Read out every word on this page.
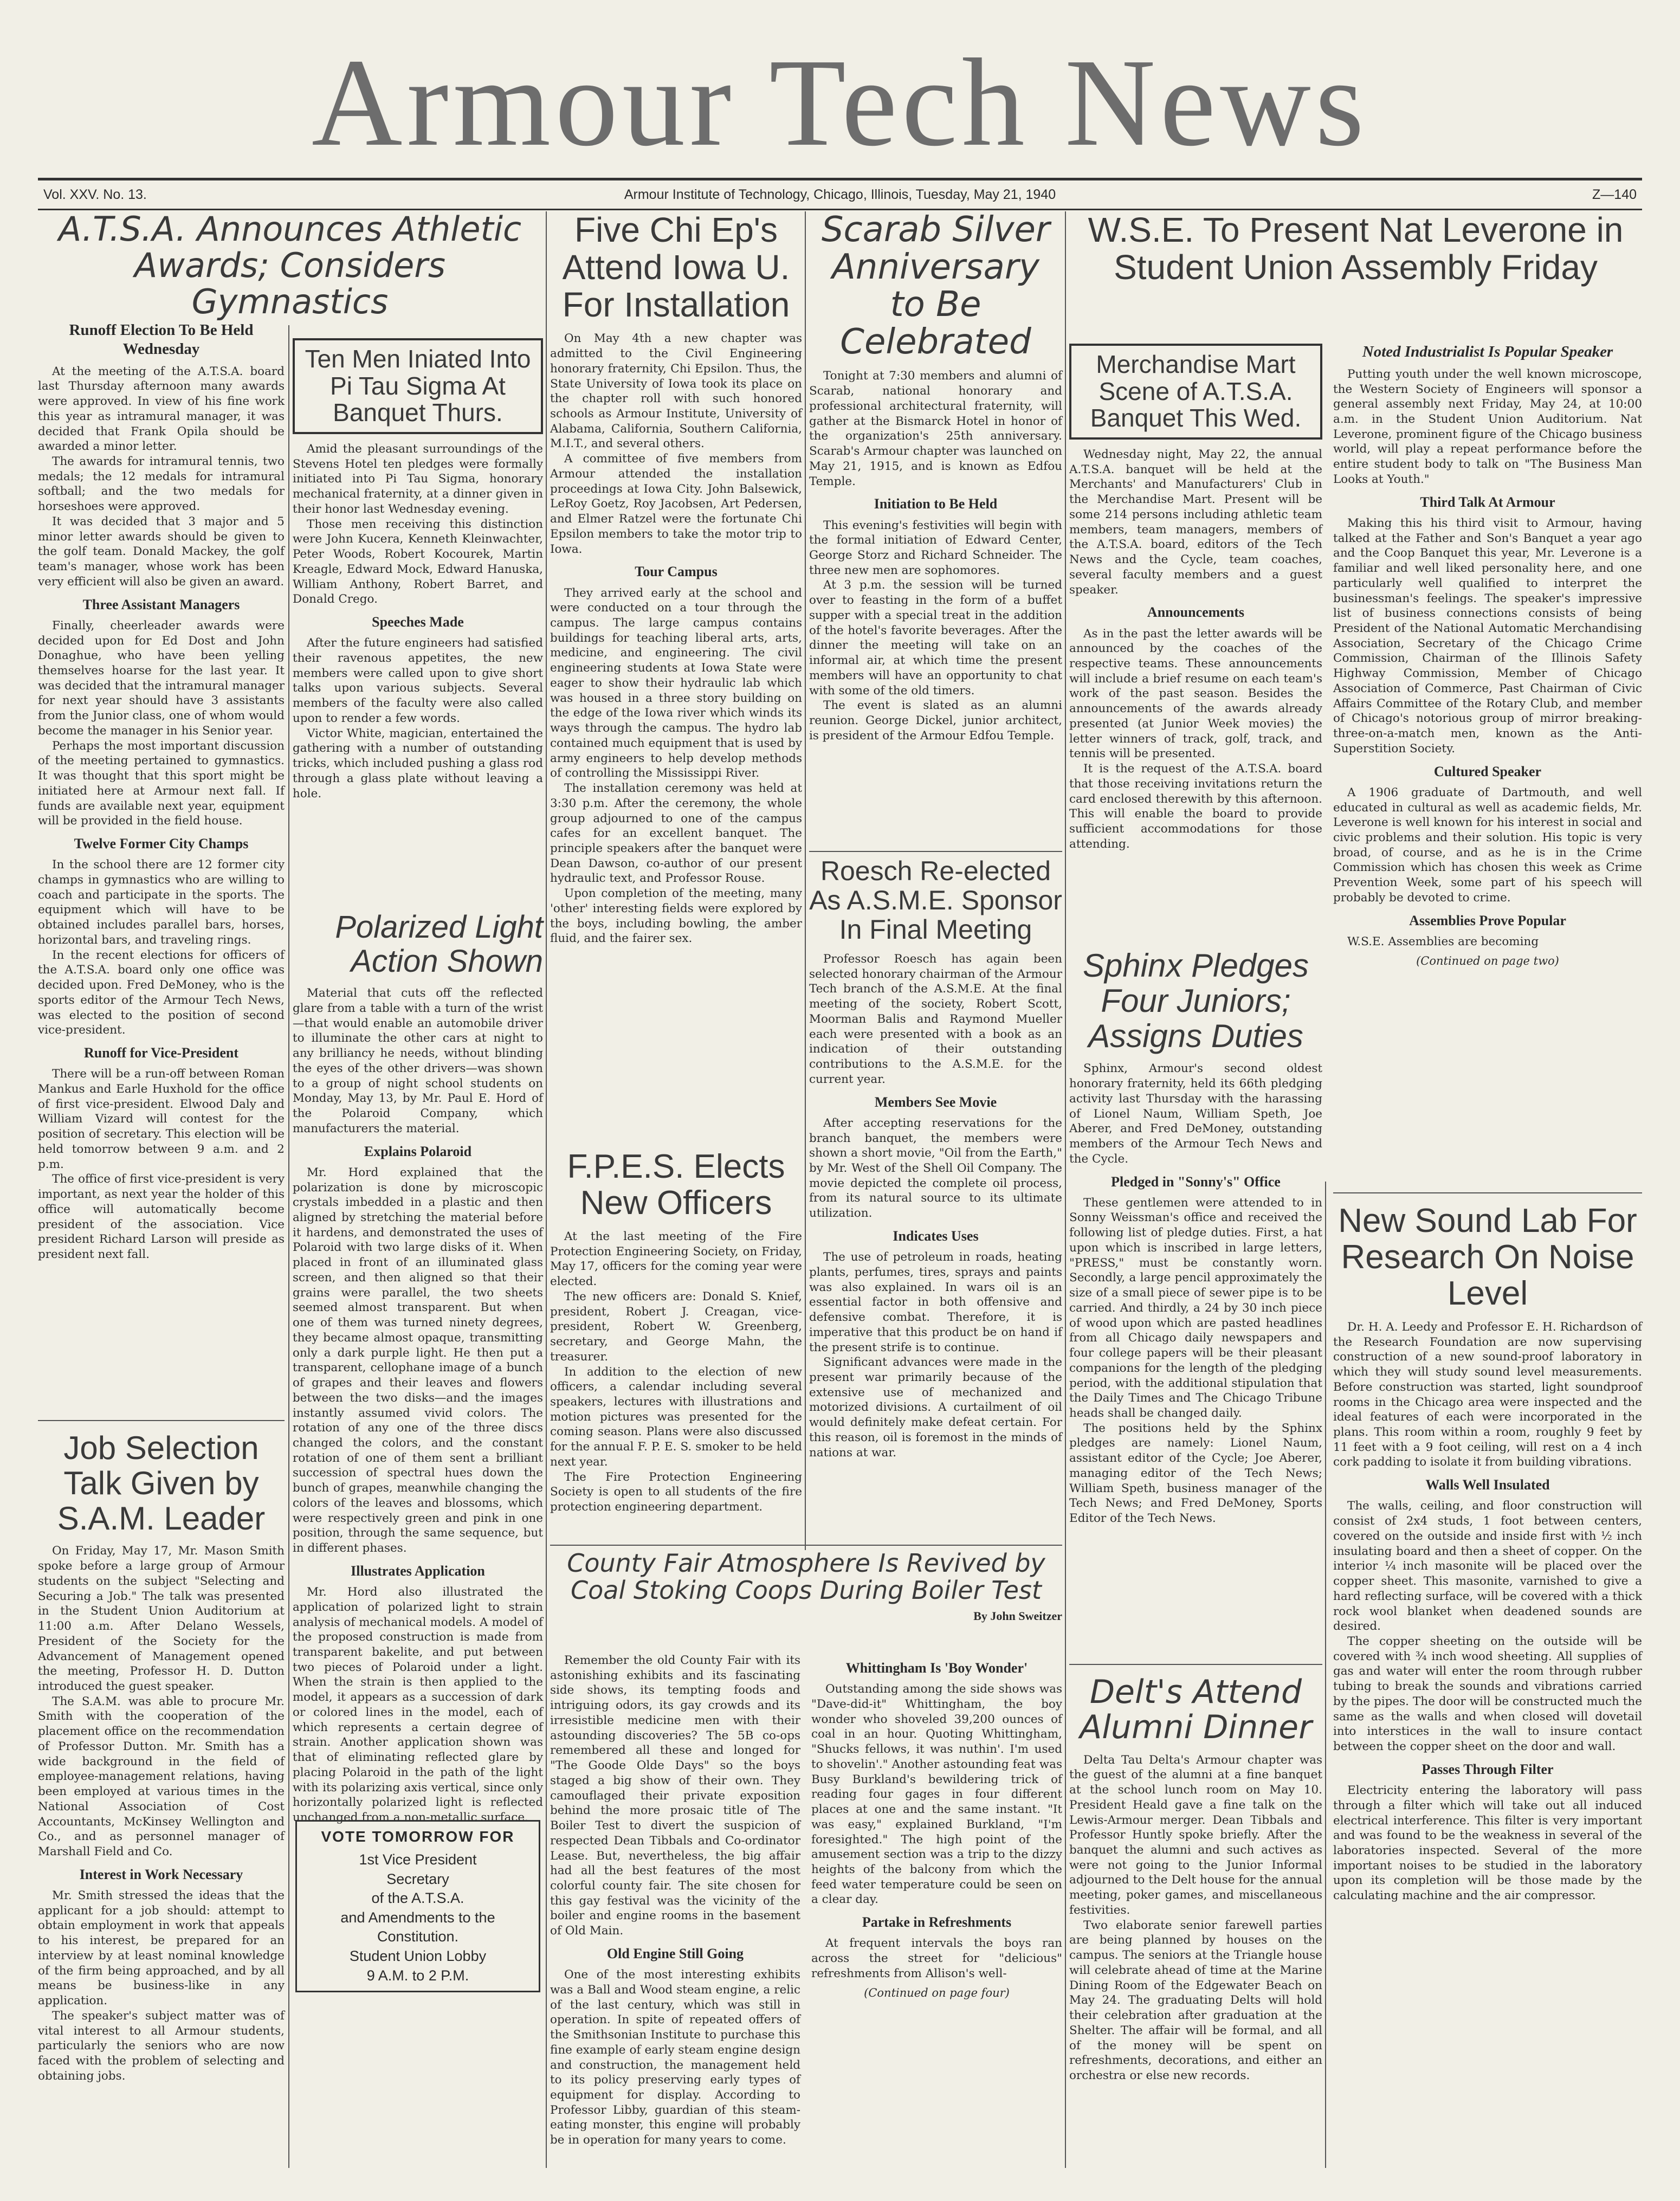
Armour Tech News
Vol. XXV. No. 13.	Armour Institute of Technology, Chicago, Illinois, Tuesday, May 21, 1940	Z—140
A.T.S.A. Announces Athletic Awards; Considers Gymnastics
Runoff Election To Be Held Wednesday

At the meeting of the A.T.S.A. board last Thursday afternoon many awards were approved. In view of his fine work this year as intramural manager, it was decided that Frank Opila should be awarded a minor letter.

The awards for intramural tennis, two medals; the 12 medals for intramural softball; and the two medals for horseshoes were approved.

It was decided that 3 major and 5 minor letter awards should be given to the golf team. Donald Mackey, the golf team's manager, whose work has been very efficient will also be given an award.

Three Assistant Managers

Finally, cheerleader awards were decided upon for Ed Dost and John Donaghue, who have been yelling themselves hoarse for the last year. It was decided that the intramural manager for next year should have 3 assistants from the Junior class, one of whom would become the manager in his Senior year.

Perhaps the most important discussion of the meeting pertained to gymnastics. It was thought that this sport might be initiated here at Armour next fall. If funds are available next year, equipment will be provided in the field house.

Twelve Former City Champs

In the school there are 12 former city champs in gymnastics who are willing to coach and participate in the sports. The equipment which will have to be obtained includes parallel bars, horses, horizontal bars, and traveling rings.

In the recent elections for officers of the A.T.S.A. board only one office was decided upon. Fred DeMoney, who is the sports editor of the Armour Tech News, was elected to the position of second vice-president.

Runoff for Vice-President

There will be a run-off between Roman Mankus and Earle Huxhold for the office of first vice-president. Elwood Daly and William Vizard will contest for the position of secretary. This election will be held tomorrow between 9 a.m. and 2 p.m.

The office of first vice-president is very important, as next year the holder of this office will automatically become president of the association. Vice president Richard Larson will preside as president next fall.

Job Selection Talk Given by S.A.M. Leader

On Friday, May 17, Mr. Mason Smith spoke before a large group of Armour students on the subject "Selecting and Securing a Job." The talk was presented in the Student Union Auditorium at 11:00 a.m. After Delano Wessels, President of the Society for the Advancement of Management opened the meeting, Professor H. D. Dutton introduced the guest speaker.

The S.A.M. was able to procure Mr. Smith with the cooperation of the placement office on the recommendation of Professor Dutton. Mr. Smith has a wide background in the field of employee-management relations, having been employed at various times in the National Association of Cost Accountants, McKinsey Wellington and Co., and as personnel manager of Marshall Field and Co.

Interest in Work Necessary

Mr. Smith stressed the ideas that the applicant for a job should: attempt to obtain employment in work that appeals to his interest, be prepared for an interview by at least nominal knowledge of the firm being approached, and by all means be business-like in any application.

The speaker's subject matter was of vital interest to all Armour students, particularly the seniors who are now faced with the problem of selecting and obtaining jobs.

Ten Men Iniated Into Pi Tau Sigma At Banquet Thurs.

Amid the pleasant surroundings of the Stevens Hotel ten pledges were formally initiated into Pi Tau Sigma, honorary mechanical fraternity, at a dinner given in their honor last Wednesday evening.

Those men receiving this distinction were John Kucera, Kenneth Kleinwachter, Peter Woods, Robert Kocourek, Martin Kreagle, Edward Mock, Edward Hanuska, William Anthony, Robert Barret, and Donald Crego.

Speeches Made

After the future engineers had satisfied their ravenous appetites, the new members were called upon to give short talks upon various subjects. Several members of the faculty were also called upon to render a few words.

Victor White, magician, entertained the gathering with a number of outstanding tricks, which included pushing a glass rod through a glass plate without leaving a hole.

Polarized Light Action Shown

Material that cuts off the reflected glare from a table with a turn of the wrist—that would enable an automobile driver to illuminate the other cars at night to any brilliancy he needs, without blinding the eyes of the other drivers—was shown to a group of night school students on Monday, May 13, by Mr. Paul E. Hord of the Polaroid Company, which manufacturers the material.

Explains Polaroid

Mr. Hord explained that the polarization is done by microscopic crystals imbedded in a plastic and then aligned by stretching the material before it hardens, and demonstrated the uses of Polaroid with two large disks of it. When placed in front of an illuminated glass screen, and then aligned so that their grains were parallel, the two sheets seemed almost transparent. But when one of them was turned ninety degrees, they became almost opaque, transmitting only a dark purple light. He then put a transparent, cellophane image of a bunch of grapes and their leaves and flowers between the two disks—and the images instantly assumed vivid colors. The rotation of any one of the three discs changed the colors, and the constant rotation of one of them sent a brilliant succession of spectral hues down the bunch of grapes, meanwhile changing the colors of the leaves and blossoms, which were respectively green and pink in one position, through the same sequence, but in different phases.

Illustrates Application

Mr. Hord also illustrated the application of polarized light to strain analysis of mechanical models. A model of the proposed construction is made from transparent bakelite, and put between two pieces of Polaroid under a light. When the strain is then applied to the model, it appears as a succession of dark or colored lines in the model, each of which represents a certain degree of strain. Another application shown was that of eliminating reflected glare by placing Polaroid in the path of the light with its polarizing axis vertical, since only horizontally polarized light is reflected unchanged from a non-metallic surface.

VOTE TOMORROW FOR
1st Vice President
Secretary
of the A.T.S.A.
and Amendments to the Constitution.
Student Union Lobby
9 A.M. to 2 P.M.
Five Chi Ep's Attend Iowa U. For Installation

On May 4th a new chapter was admitted to the Civil Engineering honorary fraternity, Chi Epsilon. Thus, the State University of Iowa took its place on the chapter roll with such honored schools as Armour Institute, University of Alabama, California, Southern California, M.I.T., and several others.

A committee of five members from Armour attended the installation proceedings at Iowa City. John Balsewick, LeRoy Goetz, Roy Jacobsen, Art Pedersen, and Elmer Ratzel were the fortunate Chi Epsilon members to take the motor trip to Iowa.

Tour Campus

They arrived early at the school and were conducted on a tour through the campus. The large campus contains buildings for teaching liberal arts, arts, medicine, and engineering. The civil engineering students at Iowa State were eager to show their hydraulic lab which was housed in a three story building on the edge of the Iowa river which winds its ways through the campus. The hydro lab contained much equipment that is used by army engineers to help develop methods of controlling the Mississippi River.

The installation ceremony was held at 3:30 p.m. After the ceremony, the whole group adjourned to one of the campus cafes for an excellent banquet. The principle speakers after the banquet were Dean Dawson, co-author of our present hydraulic text, and Professor Rouse.

Upon completion of the meeting, many 'other' interesting fields were explored by the boys, including bowling, the amber fluid, and the fairer sex.

F.P.E.S. Elects New Officers

At the last meeting of the Fire Protection Engineering Society, on Friday, May 17, officers for the coming year were elected.

The new officers are: Donald S. Knief, president, Robert J. Creagan, vice-president, Robert W. Greenberg, secretary, and George Mahn, the treasurer.

In addition to the election of new officers, a calendar including several speakers, lectures with illustrations and motion pictures was presented for the coming season. Plans were also discussed for the annual F. P. E. S. smoker to be held next year.

The Fire Protection Engineering Society is open to all students of the fire protection engineering department.

Scarab Silver Anniversary to Be Celebrated

Tonight at 7:30 members and alumni of Scarab, national honorary and professional architectural fraternity, will gather at the Bismarck Hotel in honor of the organization's 25th anniversary. Scarab's Armour chapter was launched on May 21, 1915, and is known as Edfou Temple.

Initiation to Be Held

This evening's festivities will begin with the formal initiation of Edward Center, George Storz and Richard Schneider. The three new men are sophomores.

At 3 p.m. the session will be turned over to feasting in the form of a buffet supper with a special treat in the addition of the hotel's favorite beverages. After the dinner the meeting will take on an informal air, at which time the present members will have an opportunity to chat with some of the old timers.

The event is slated as an alumni reunion. George Dickel, junior architect, is president of the Armour Edfou Temple.

Roesch Re-elected As A.S.M.E. Sponsor In Final Meeting

Professor Roesch has again been selected honorary chairman of the Armour Tech branch of the A.S.M.E. At the final meeting of the society, Robert Scott, Moorman Balis and Raymond Mueller each were presented with a book as an indication of their outstanding contributions to the A.S.M.E. for the current year.

Members See Movie

After accepting reservations for the branch banquet, the members were shown a short movie, "Oil from the Earth," by Mr. West of the Shell Oil Company. The movie depicted the complete oil process, from its natural source to its ultimate utilization.

Indicates Uses

The use of petroleum in roads, heating plants, perfumes, tires, sprays and paints was also explained. In wars oil is an essential factor in both offensive and defensive combat. Therefore, it is imperative that this product be on hand if the present strife is to continue.

Significant advances were made in the present war primarily because of the extensive use of mechanized and motorized divisions. A curtailment of oil would definitely make defeat certain. For this reason, oil is foremost in the minds of nations at war.

County Fair Atmosphere Is Revived by Coal Stoking Coops During Boiler Test
By John Sweitzer

Remember the old County Fair with its astonishing exhibits and its fascinating side shows, its tempting foods and intriguing odors, its gay crowds and its irresistible medicine men with their astounding discoveries? The 5B co-ops remembered all these and longed for "The Goode Olde Days" so the boys staged a big show of their own. They camouflaged their private exposition behind the more prosaic title of The Boiler Test to divert the suspicion of respected Dean Tibbals and Co-ordinator Lease. But, nevertheless, the big affair had all the best features of the most colorful county fair. The site chosen for this gay festival was the vicinity of the boiler and engine rooms in the basement of Old Main.

Old Engine Still Going

One of the most interesting exhibits was a Ball and Wood steam engine, a relic of the last century, which was still in operation. In spite of repeated offers of the Smithsonian Institute to purchase this fine example of early steam engine design and construction, the management held to its policy preserving early types of equipment for display. According to Professor Libby, guardian of this steam-eating monster, this engine will probably be in operation for many years to come.

Whittingham Is 'Boy Wonder'

Outstanding among the side shows was "Dave-did-it" Whittingham, the boy wonder who shoveled 39,200 ounces of coal in an hour. Quoting Whittingham, "Shucks fellows, it was nuthin'. I'm used to shovelin'." Another astounding feat was Busy Burkland's bewildering trick of reading four gages in four different places at one and the same instant. "It was easy," explained Burkland, "I'm foresighted." The high point of the amusement section was a trip to the dizzy heights of the balcony from which the feed water temperature could be seen on a clear day.

Partake in Refreshments

At frequent intervals the boys ran across the street for "delicious" refreshments from Allison's well-

(Continued on page four)

W.S.E. To Present Nat Leverone in Student Union Assembly Friday
Merchandise Mart Scene of A.T.S.A. Banquet This Wed.

Wednesday night, May 22, the annual A.T.S.A. banquet will be held at the Merchants' and Manufacturers' Club in the Merchandise Mart. Present will be some 214 persons including athletic team members, team managers, members of the A.T.S.A. board, editors of the Tech News and the Cycle, team coaches, several faculty members and a guest speaker.

Announcements

As in the past the letter awards will be announced by the coaches of the respective teams. These announcements will include a brief resume on each team's work of the past season. Besides the announcements of the awards already presented (at Junior Week movies) the letter winners of track, golf, track, and tennis will be presented.

It is the request of the A.T.S.A. board that those receiving invitations return the card enclosed therewith by this afternoon. This will enable the board to provide sufficient accommodations for those attending.

Sphinx Pledges Four Juniors; Assigns Duties

Sphinx, Armour's second oldest honorary fraternity, held its 66th pledging activity last Thursday with the harassing of Lionel Naum, William Speth, Joe Aberer, and Fred DeMoney, outstanding members of the Armour Tech News and the Cycle.

Pledged in "Sonny's" Office

These gentlemen were attended to in Sonny Weissman's office and received the following list of pledge duties. First, a hat upon which is inscribed in large letters, "PRESS," must be constantly worn. Secondly, a large pencil approximately the size of a small piece of sewer pipe is to be carried. And thirdly, a 24 by 30 inch piece of wood upon which are pasted headlines from all Chicago daily newspapers and four college papers will be their pleasant companions for the length of the pledging period, with the additional stipulation that the Daily Times and The Chicago Tribune heads shall be changed daily.

The positions held by the Sphinx pledges are namely: Lionel Naum, assistant editor of the Cycle; Joe Aberer, managing editor of the Tech News; William Speth, business manager of the Tech News; and Fred DeMoney, Sports Editor of the Tech News.

Delt's Attend Alumni Dinner

Delta Tau Delta's Armour chapter was the guest of the alumni at a fine banquet at the school lunch room on May 10. President Heald gave a fine talk on the Lewis-Armour merger. Dean Tibbals and Professor Huntly spoke briefly. After the banquet the alumni and such actives as were not going to the Junior Informal adjourned to the Delt house for the annual meeting, poker games, and miscellaneous festivities.

Two elaborate senior farewell parties are being planned by houses on the campus. The seniors at the Triangle house will celebrate ahead of time at the Marine Dining Room of the Edgewater Beach on May 24. The graduating Delts will hold their celebration after graduation at the Shelter. The affair will be formal, and all of the money will be spent on refreshments, decorations, and either an orchestra or else new records.

Noted Industrialist Is Popular Speaker

Putting youth under the well known microscope, the Western Society of Engineers will sponsor a general assembly next Friday, May 24, at 10:00 a.m. in the Student Union Auditorium. Nat Leverone, prominent figure of the Chicago business world, will play a repeat performance before the entire student body to talk on "The Business Man Looks at Youth."

Third Talk At Armour

Making this his third visit to Armour, having talked at the Father and Son's Banquet a year ago and the Coop Banquet this year, Mr. Leverone is a familiar and well liked personality here, and one particularly well qualified to interpret the businessman's feelings. The speaker's impressive list of business connections consists of being President of the National Automatic Merchandising Association, Secretary of the Chicago Crime Commission, Chairman of the Illinois Safety Highway Commission, Member of Chicago Association of Commerce, Past Chairman of Civic Affairs Committee of the Rotary Club, and member of Chicago's notorious group of mirror breaking-three-on-a-match men, known as the Anti-Superstition Society.

Cultured Speaker

A 1906 graduate of Dartmouth, and well educated in cultural as well as academic fields, Mr. Leverone is well known for his interest in social and civic problems and their solution. His topic is very broad, of course, and as he is in the Crime Commission which has chosen this week as Crime Prevention Week, some part of his speech will probably be devoted to crime.

Assemblies Prove Popular

W.S.E. Assemblies are becoming

(Continued on page two)

New Sound Lab For Research On Noise Level

Dr. H. A. Leedy and Professor E. H. Richardson of the Research Foundation are now supervising construction of a new sound-proof laboratory in which they will study sound level measurements. Before construction was started, light soundproof rooms in the Chicago area were inspected and the ideal features of each were incorporated in the plans. This room within a room, roughly 9 feet by 11 feet with a 9 foot ceiling, will rest on a 4 inch cork padding to isolate it from building vibrations.

Walls Well Insulated

The walls, ceiling, and floor construction will consist of 2x4 studs, 1 foot between centers, covered on the outside and inside first with ½ inch insulating board and then a sheet of copper. On the interior ¼ inch masonite will be placed over the copper sheet. This masonite, varnished to give a hard reflecting surface, will be covered with a thick rock wool blanket when deadened sounds are desired.

The copper sheeting on the outside will be covered with ¾ inch wood sheeting. All supplies of gas and water will enter the room through rubber tubing to break the sounds and vibrations carried by the pipes. The door will be constructed much the same as the walls and when closed will dovetail into interstices in the wall to insure contact between the copper sheet on the door and wall.

Passes Through Filter

Electricity entering the laboratory will pass through a filter which will take out all induced electrical interference. This filter is very important and was found to be the weakness in several of the laboratories inspected. Several of the more important noises to be studied in the laboratory upon its completion will be those made by the calculating machine and the air compressor.
